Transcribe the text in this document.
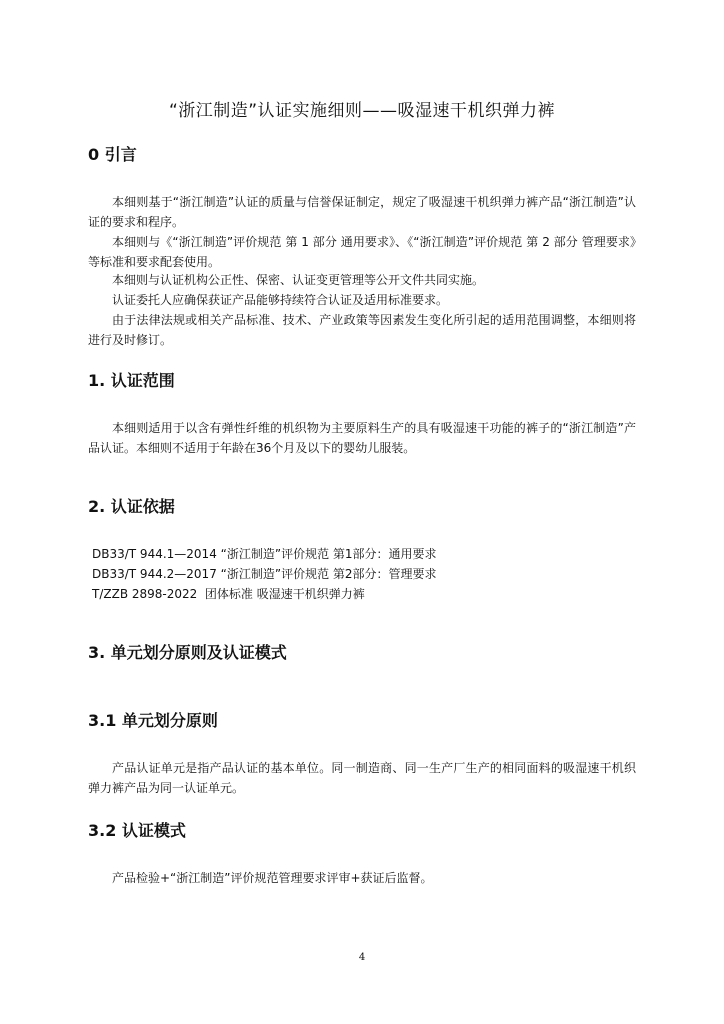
“浙江制造”认证实施细则——吸湿速干机织弹力裤
0 引言
本细则基于“浙江制造”认证的质量与信誉保证制定，规定了吸湿速干机织弹力裤产品“浙江制造”认证的要求和程序。
本细则与《“浙江制造”评价规范 第 1 部分 通用要求》、《“浙江制造”评价规范 第 2 部分 管理要求》等标准和要求配套使用。
本细则与认证机构公正性、保密、认证变更管理等公开文件共同实施。
认证委托人应确保获证产品能够持续符合认证及适用标准要求。
由于法律法规或相关产品标准、技术、产业政策等因素发生变化所引起的适用范围调整，本细则将进行及时修订。
1. 认证范围
本细则适用于以含有弹性纤维的机织物为主要原料生产的具有吸湿速干功能的裤子的“浙江制造”产品认证。本细则不适用于年龄在36个月及以下的婴幼儿服装。
2. 认证依据
DB33/T 944.1—2014 “浙江制造”评价规范 第1部分：通用要求
DB33/T 944.2—2017 “浙江制造”评价规范 第2部分：管理要求
T/ZZB 2898-2022  团体标准 吸湿速干机织弹力裤
3. 单元划分原则及认证模式
3.1 单元划分原则
产品认证单元是指产品认证的基本单位。同一制造商、同一生产厂生产的相同面料的吸湿速干机织弹力裤产品为同一认证单元。
3.2 认证模式
产品检验+“浙江制造”评价规范管理要求评审+获证后监督。
4
